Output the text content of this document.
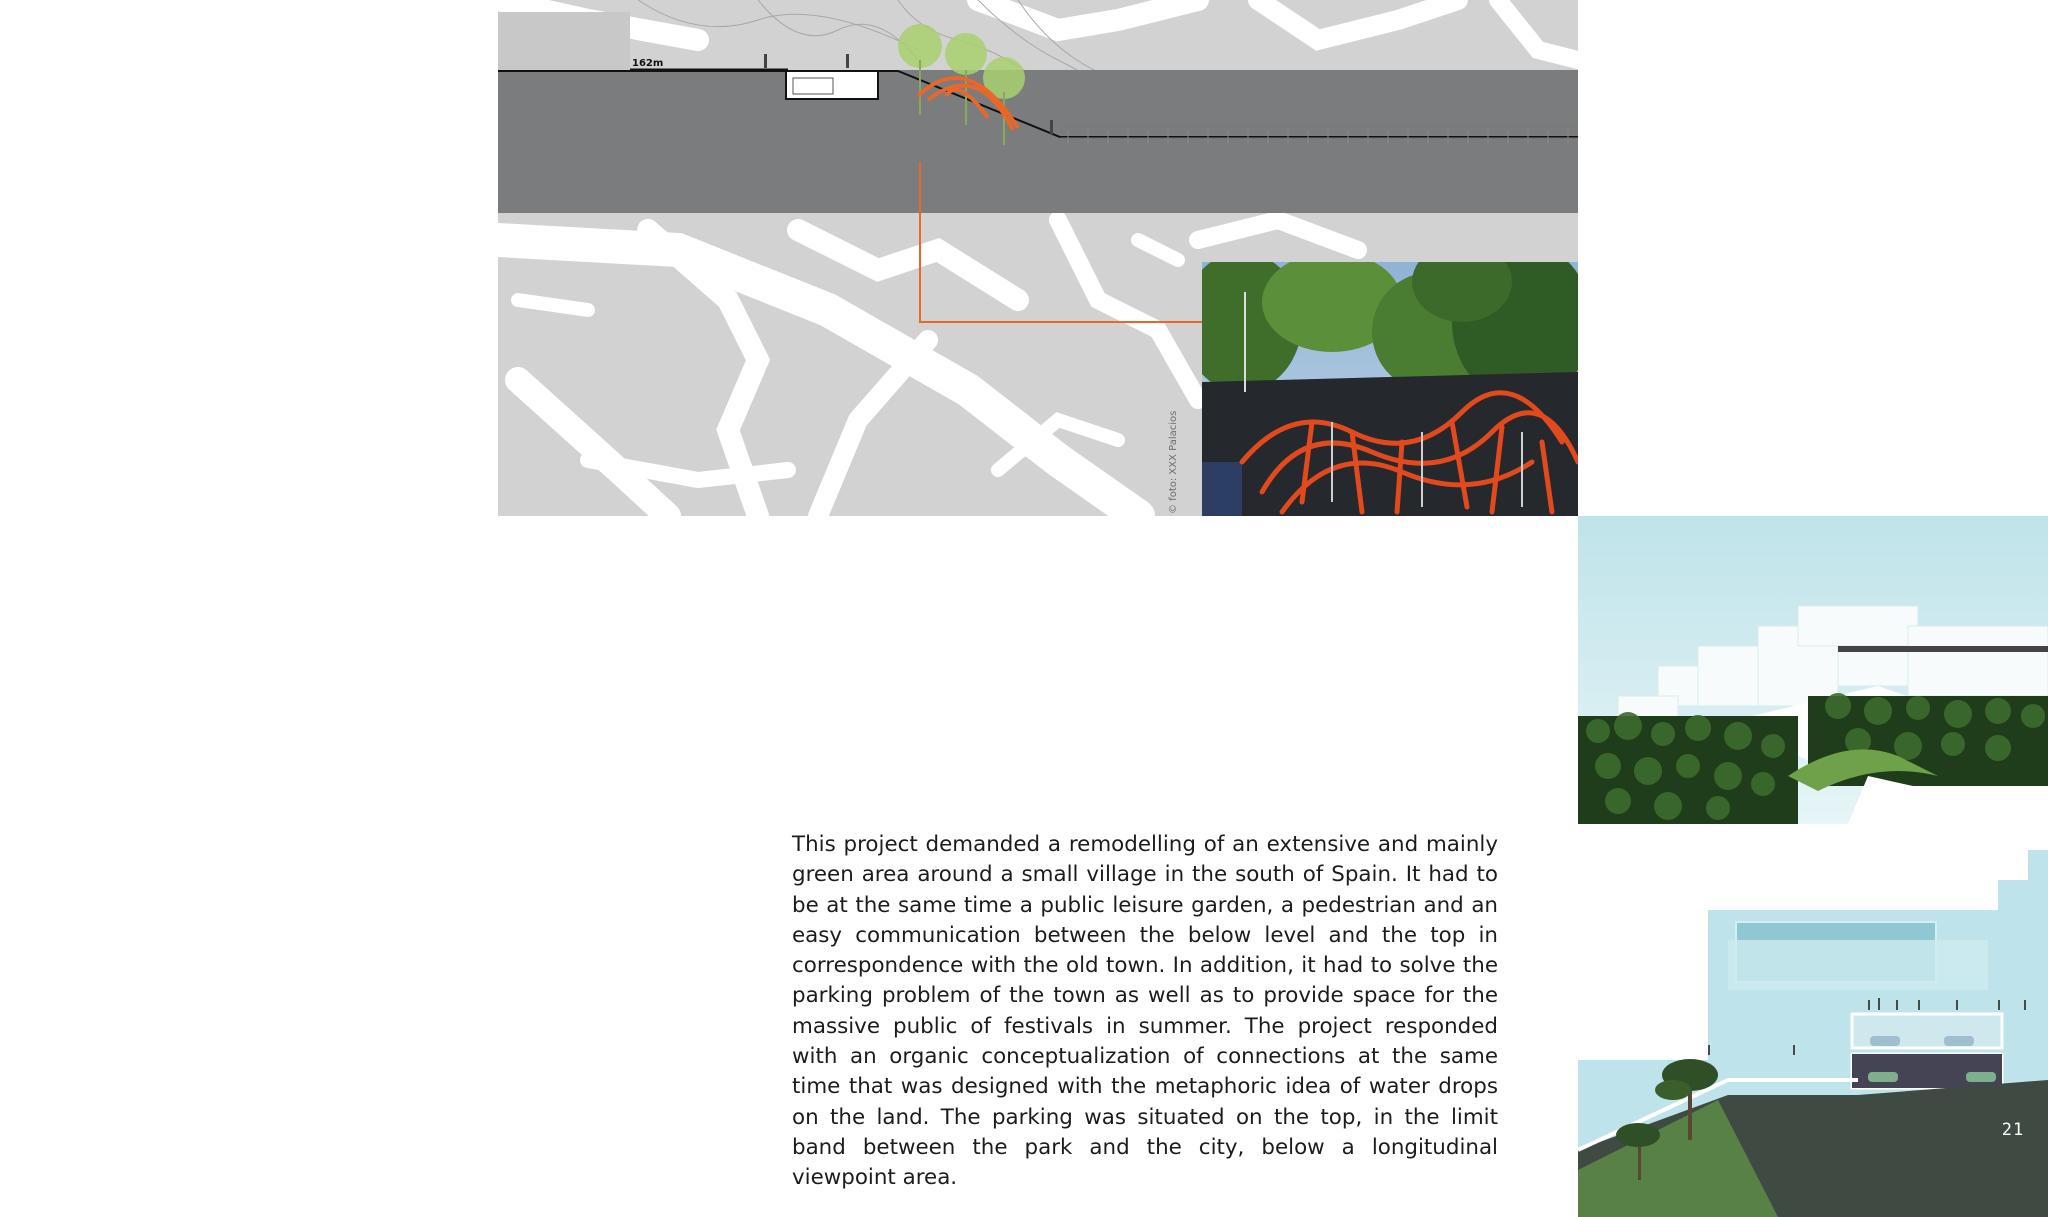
162m
© foto: XXX Palacios

This project demanded a remodelling of an extensive and mainly green area around a small village in the south of Spain. It had to be at the same time a public leisure garden, a pedestrian and an easy communication between the below level and the top in correspondence with the old town. In addition, it had to solve the parking problem of the town as well as to provide space for the massive public of festivals in summer. The project responded with an organic conceptualization of connections at the same time that was designed with the metaphoric idea of water drops on the land. The parking was situated on the top, in the limit band between the park and the city, below a longitudinal viewpoint area.

21
